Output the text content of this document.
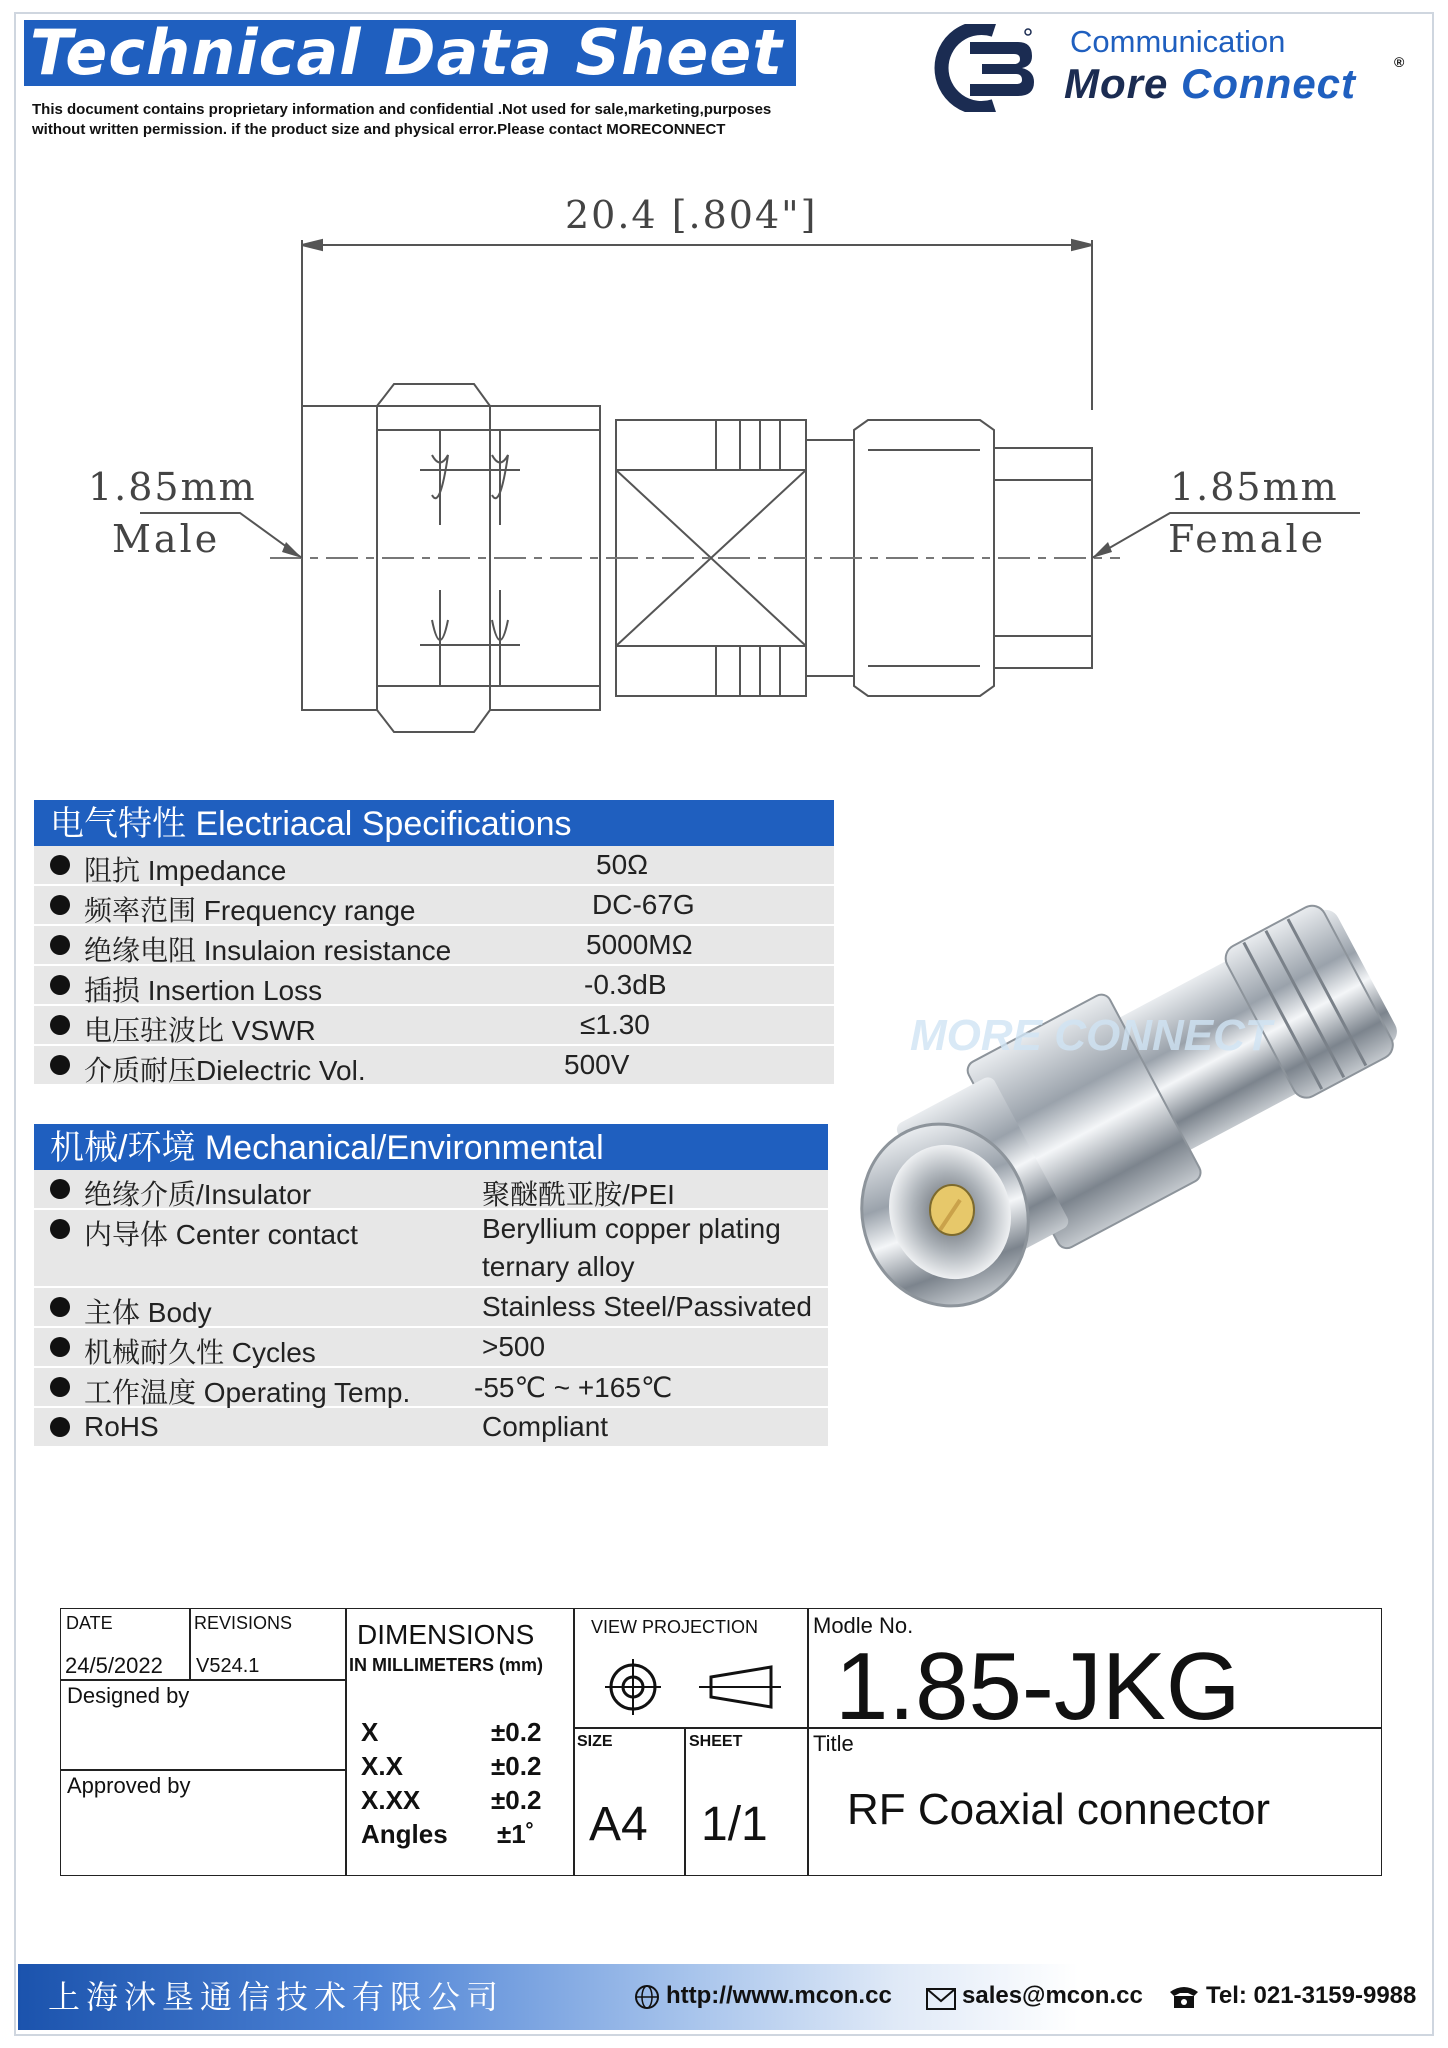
Technical Data Sheet
This document contains proprietary information and confidential .Not used for sale,marketing,purposes
without written permission. if the product size and physical error.Please contact MORECONNECT
Communication
More Connect	®
20.4 [.804"]
1.85mm
Male
1.85mm
Female
电气特性 Electriacal Specifications
阻抗 Impedance	50Ω
频率范围 Frequency range	DC-67G
绝缘电阻 Insulaion resistance	5000MΩ
插损 Insertion Loss	-0.3dB
电压驻波比 VSWR	≤1.30
介质耐压Dielectric Vol.	500V
机械/环境 Mechanical/Environmental
绝缘介质/Insulator	聚醚酰亚胺/PEI
内导体 Center contact	Beryllium copper plating
ternary alloy
主体 Body	Stainless Steel/Passivated
机械耐久性 Cycles	>500
工作温度 Operating Temp. -55℃ ~ +165℃
RoHS	Compliant
MORE CONNECT
DATE	REVISIONS
24/5/2022 V524.1
Designed by
Approved by
DIMENSIONS
IN MILLIMETERS (mm)
X	±0.2
X.X	±0.2
X.XX	±0.2
Angles ±1˚
VIEW PROJECTION
SIZE
A4
SHEET
1/1
Modle No.
1.85-JKG
Title
RF Coaxial connector
上海沐垦通信技术有限公司	http://www.mcon.cc	sales@mcon.cc	Tel: 021-3159-9988
